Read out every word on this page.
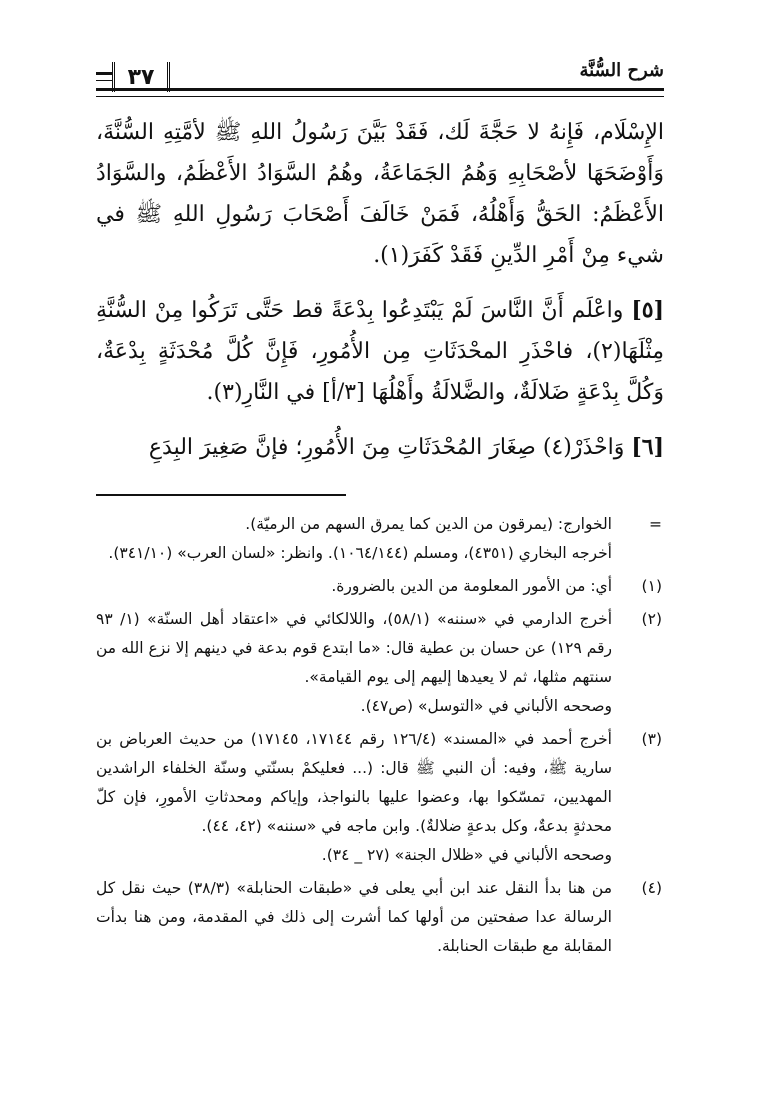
شرح السُّنَّة
٣٧

الإِسْلَام، فَإِنهُ لا حَجَّةَ لَك، فَقَدْ بَيَّنَ رَسُولُ اللهِ ﷺ لأمَّتِهِ السُّنَّةَ، وَأَوْضَحَهَا لأصْحَابِهِ وَهُمُ الجَمَاعَةُ، وهُمُ السَّوَادُ الأَعْظَمُ، والسَّوَادُ الأَعْظَمُ: الحَقُّ وَأَهْلُهُ، فَمَنْ خَالَفَ أَصْحَابَ رَسُولِ اللهِ ﷺ في شيء مِنْ أَمْرِ الدِّينِ فَقَدْ كَفَرَ(١).

[٥] واعْلَم أَنَّ النَّاسَ لَمْ يَبْتَدِعُوا بِدْعَةً قط حَتَّى تَرَكُوا مِنْ السُّنَّةِ مِثْلَهَا(٢)، فاحْذَرِ المحْدَثَاتِ مِن الأُمُورِ، فَإِنَّ كُلَّ مُحْدَثَةٍ بِدْعَةٌ، وَكُلَّ بِدْعَةٍ ضَلالَةٌ، والضَّلالَةُ وأَهْلُهَا [٣/أ] في النَّارِ(٣).

[٦] وَاحْذَرْ(٤) صِغَارَ المُحْدَثَاتِ مِنَ الأُمُورِ؛ فإنَّ صَغِيرَ البِدَعِ

=
الخوارج: (يمرقون من الدين كما يمرق السهم من الرميّة).
أخرجه البخاري (٤٣٥١)، ومسلم (١٠٦٤/١٤٤). وانظر: «لسان العرب» (٣٤١/١٠).
(١)
أي: من الأمور المعلومة من الدين بالضرورة.
(٢)
أخرج الدارمي في «سننه» (٥٨/١)، واللالكائي في «اعتقاد أهل السنّة» (١/ ٩٣ رقم ١٢٩) عن حسان بن عطية قال: «ما ابتدع قوم بدعة في دينهم إلا نزع الله من سنتهم مثلها، ثم لا يعيدها إليهم إلى يوم القيامة».
وصححه الألباني في «التوسل» (ص٤٧).
(٣)
أخرج أحمد في «المسند» (١٢٦/٤ رقم ١٧١٤٤، ١٧١٤٥) من حديث العرباض بن سارية ﷺ، وفيه: أن النبي ﷺ قال: (... فعليكمْ بسنّتي وسنّة الخلفاء الراشدين المهديين، تمسّكوا بها، وعضوا عليها بالنواجذ، وإياكم ومحدثاتِ الأمورِ، فإن كلّ محدثةٍ بدعةٌ، وكل بدعةٍ ضلالةٌ). وابن ماجه في «سننه» (٤٢، ٤٤).
وصححه الألباني في «ظلال الجنة» (٢٧ _ ٣٤).
(٤)
من هنا بدأ النقل عند ابن أبي يعلى في «طبقات الحنابلة» (٣٨/٣) حيث نقل كل الرسالة عدا صفحتين من أولها كما أشرت إلى ذلك في المقدمة، ومن هنا بدأت المقابلة مع طبقات الحنابلة.
